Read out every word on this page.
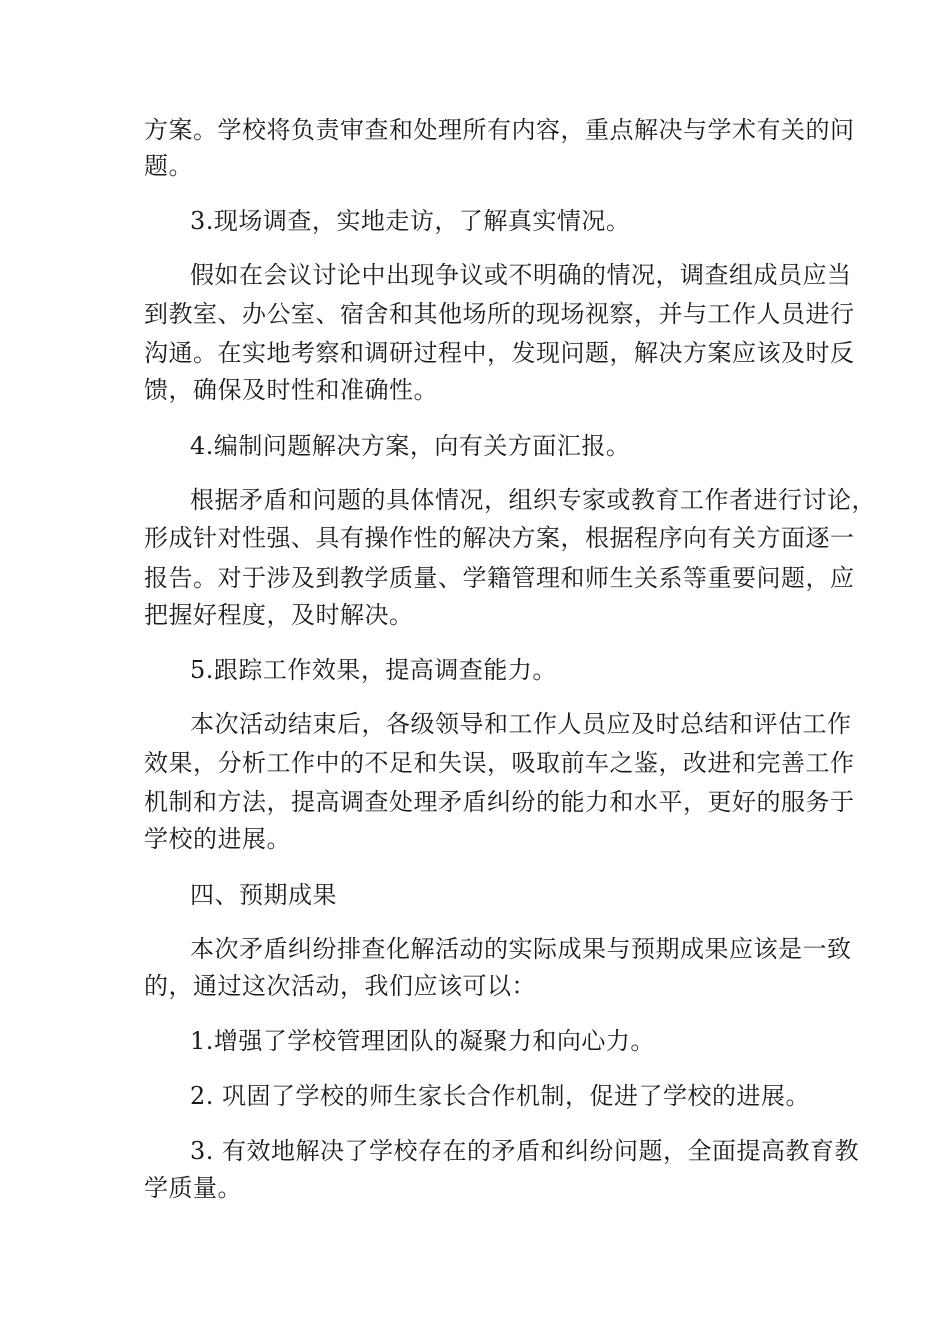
方案。学校将负责审查和处理所有内容，重点解决与学术有关的问
题。
3.现场调查，实地走访，了解真实情况。
假如在会议讨论中出现争议或不明确的情况，调查组成员应当
到教室、办公室、宿舍和其他场所的现场视察，并与工作人员进行
沟通。在实地考察和调研过程中，发现问题，解决方案应该及时反
馈，确保及时性和准确性。
4.编制问题解决方案，向有关方面汇报。
根据矛盾和问题的具体情况，组织专家或教育工作者进行讨论，
形成针对性强、具有操作性的解决方案，根据程序向有关方面逐一
报告。对于涉及到教学质量、学籍管理和师生关系等重要问题，应
把握好程度，及时解决。
5.跟踪工作效果，提高调查能力。
本次活动结束后，各级领导和工作人员应及时总结和评估工作
效果，分析工作中的不足和失误，吸取前车之鉴，改进和完善工作
机制和方法，提高调查处理矛盾纠纷的能力和水平，更好的服务于
学校的进展。
四、预期成果
本次矛盾纠纷排查化解活动的实际成果与预期成果应该是一致
的，通过这次活动，我们应该可以：
1.增强了学校管理团队的凝聚力和向心力。
2. 巩固了学校的师生家长合作机制，促进了学校的进展。
3. 有效地解决了学校存在的矛盾和纠纷问题，全面提高教育教
学质量。
